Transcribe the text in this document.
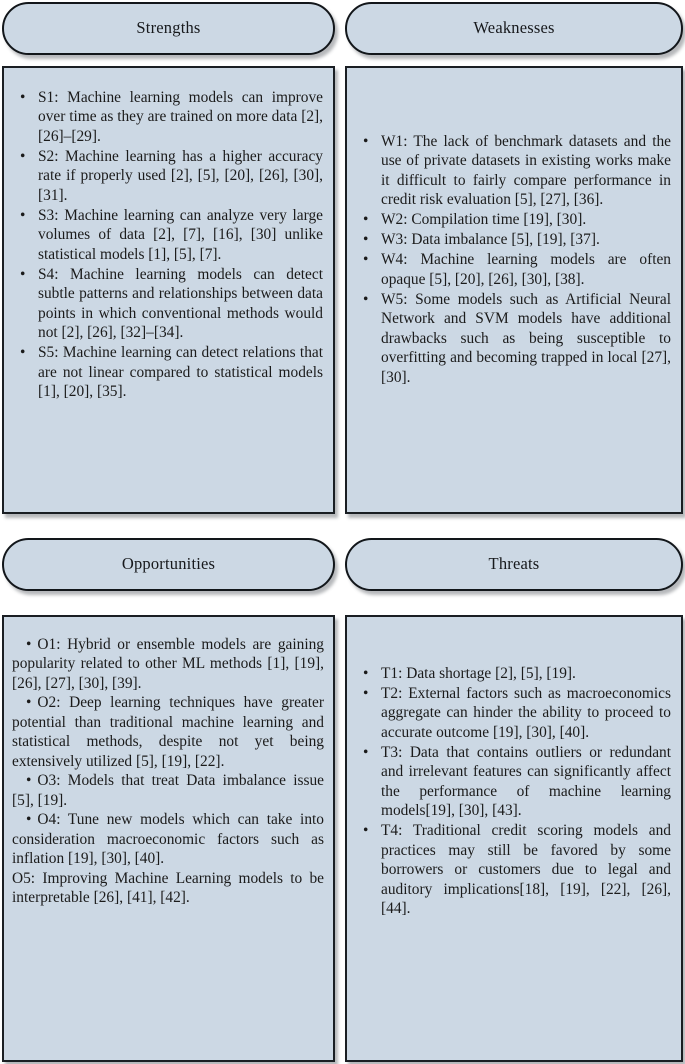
Strengths
• S1: Machine learning models can improve over time as they are trained on more data [2], [26]–[29].
• S2: Machine learning has a higher accuracy rate if properly used [2], [5], [20], [26], [30], [31].
• S3: Machine learning can analyze very large volumes of data [2], [7], [16], [30] unlike statistical models [1], [5], [7].
• S4: Machine learning models can detect subtle patterns and relationships between data points in which conventional methods would not [2], [26], [32]–[34].
• S5: Machine learning can detect relations that are not linear compared to statistical models [1], [20], [35].
Weaknesses
• W1: The lack of benchmark datasets and the use of private datasets in existing works make it difficult to fairly compare performance in credit risk evaluation [5], [27], [36].
• W2: Compilation time [19], [30].
• W3: Data imbalance [5], [19], [37].
• W4: Machine learning models are often opaque [5], [20], [26], [30], [38].
• W5: Some models such as Artificial Neural Network and SVM models have additional drawbacks such as being susceptible to overfitting and becoming trapped in local [27], [30].
Opportunities
• O1: Hybrid or ensemble models are gaining popularity related to other ML methods [1], [19], [26], [27], [30], [39].
• O2: Deep learning techniques have greater potential than traditional machine learning and statistical methods, despite not yet being extensively utilized [5], [19], [22].
• O3: Models that treat Data imbalance issue [5], [19].
• O4: Tune new models which can take into consideration macroeconomic factors such as inflation [19], [30], [40].
O5: Improving Machine Learning models to be interpretable [26], [41], [42].
Threats
• T1: Data shortage [2], [5], [19].
• T2: External factors such as macroeconomics aggregate can hinder the ability to proceed to accurate outcome [19], [30], [40].
• T3: Data that contains outliers or redundant and irrelevant features can significantly affect the performance of machine learning models[19], [30], [43].
• T4: Traditional credit scoring models and practices may still be favored by some borrowers or customers due to legal and auditory implications[18], [19], [22], [26], [44].
